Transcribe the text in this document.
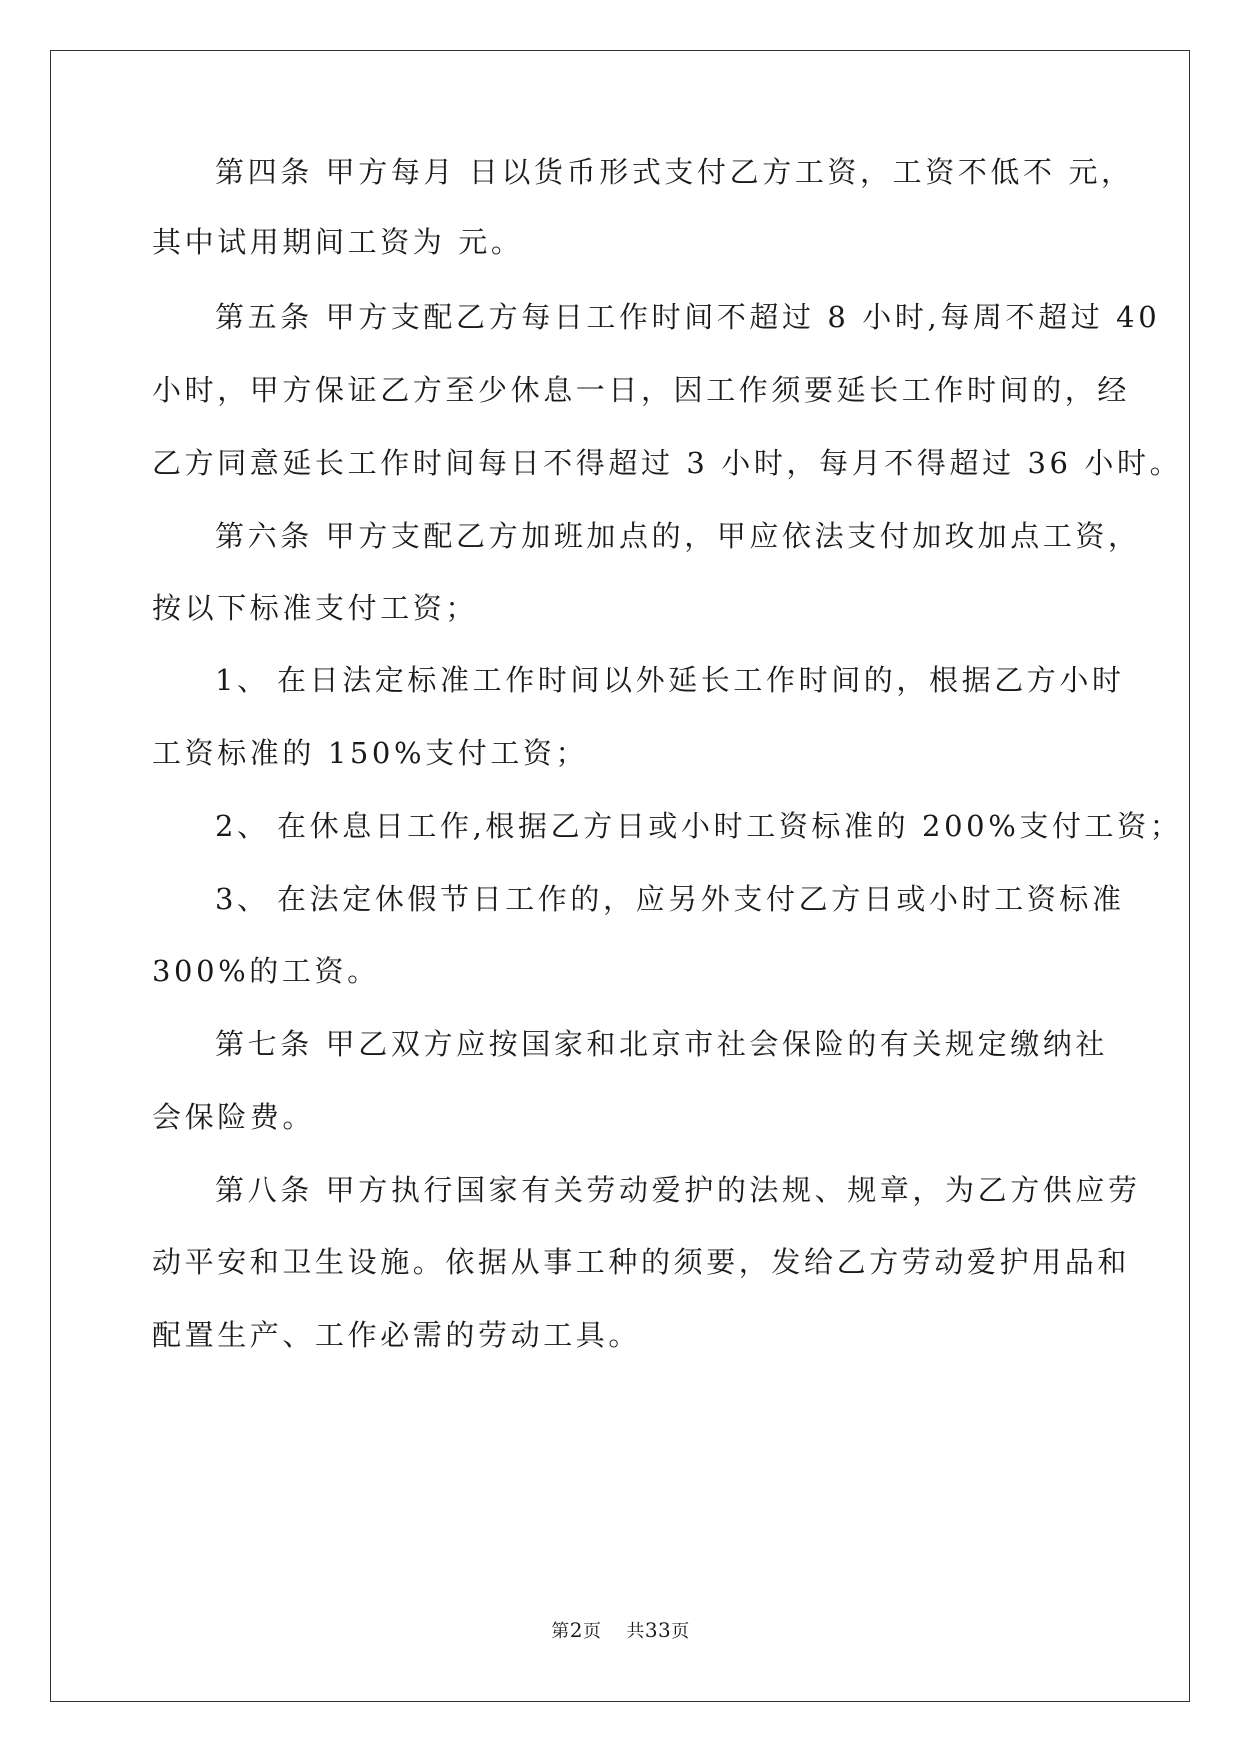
第四条 甲方每月 日以货币形式支付乙方工资，工资不低不 元，

其中试用期间工资为 元。

第五条 甲方支配乙方每日工作时间不超过 8 小时,每周不超过 40

小时，甲方保证乙方至少休息一日，因工作须要延长工作时间的，经

乙方同意延长工作时间每日不得超过 3 小时，每月不得超过 36 小时。

第六条 甲方支配乙方加班加点的，甲应依法支付加玫加点工资，

按以下标准支付工资；

1、 在日法定标准工作时间以外延长工作时间的，根据乙方小时

工资标准的 150%支付工资；

2、 在休息日工作,根据乙方日或小时工资标准的 200%支付工资；

3、 在法定休假节日工作的，应另外支付乙方日或小时工资标准

300%的工资。

第七条 甲乙双方应按国家和北京市社会保险的有关规定缴纳社

会保险费。

第八条 甲方执行国家有关劳动爱护的法规、规章，为乙方供应劳

动平安和卫生设施。依据从事工种的须要，发给乙方劳动爱护用品和

配置生产、工作必需的劳动工具。

第2页 共33页
